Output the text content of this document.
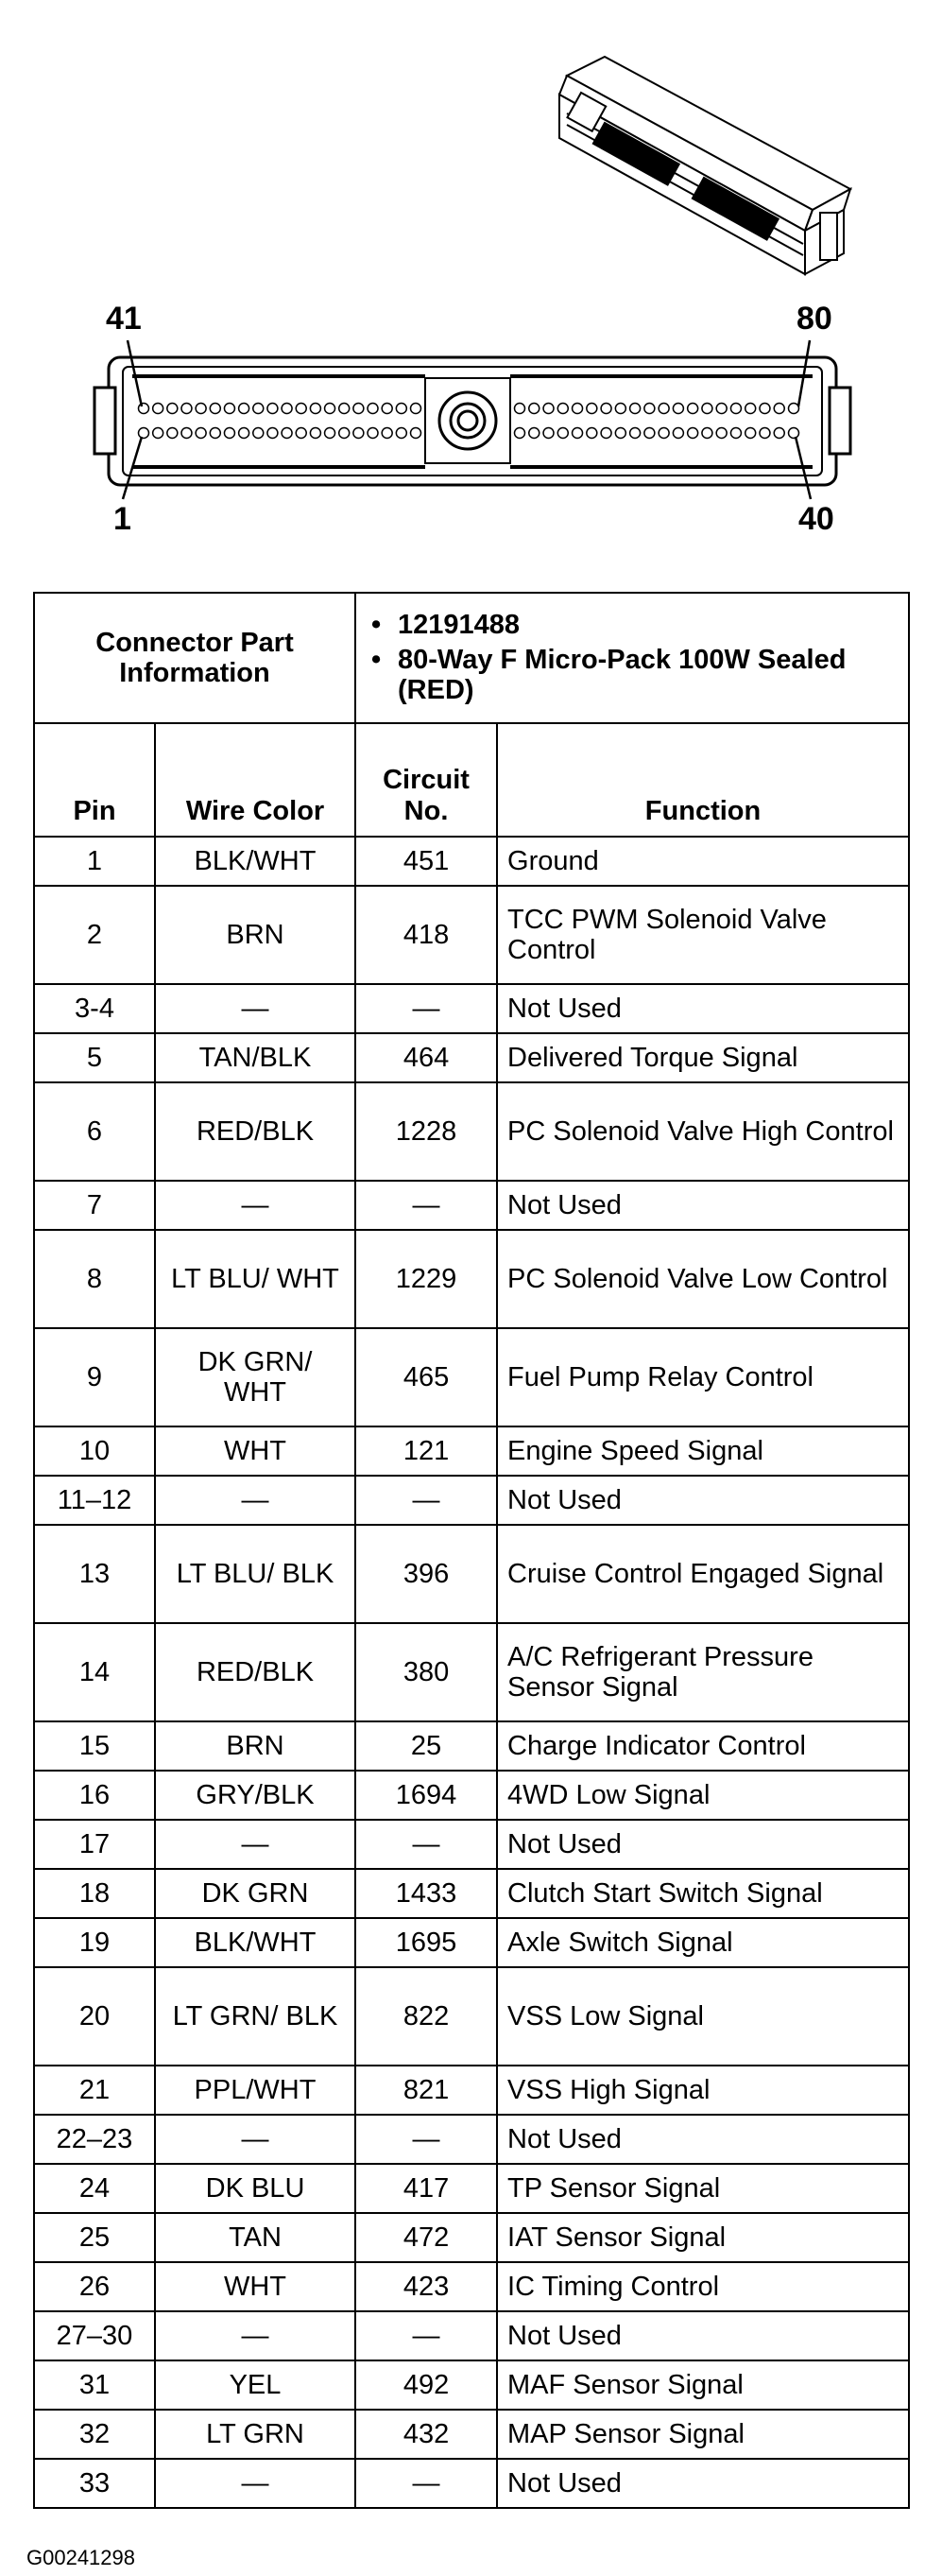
41	80
1	40
Connector Part Information		• 12191488
• 80-Way F Micro-Pack 100W Sealed (RED)

Pin	Wire Color	Circuit No.	Function
1	BLK/WHT	451	Ground
2	BRN	418	TCC PWM Solenoid Valve Control
3-4	—	—	Not Used
5	TAN/BLK	464	Delivered Torque Signal
6	RED/BLK	1228	PC Solenoid Valve High Control
7	—	—	Not Used
8	LT BLU/ WHT	1229	PC Solenoid Valve Low Control
9	DK GRN/ WHT	465	Fuel Pump Relay Control
10	WHT	121	Engine Speed Signal
11–12	—	—	Not Used
13	LT BLU/ BLK	396	Cruise Control Engaged Signal
14	RED/BLK	380	A/C Refrigerant Pressure Sensor Signal
15	BRN	25	Charge Indicator Control
16	GRY/BLK	1694	4WD Low Signal
17	—	—	Not Used
18	DK GRN	1433	Clutch Start Switch Signal
19	BLK/WHT	1695	Axle Switch Signal
20	LT GRN/ BLK	822	VSS Low Signal
21	PPL/WHT	821	VSS High Signal
22–23	—	—	Not Used
24	DK BLU	417	TP Sensor Signal
25	TAN	472	IAT Sensor Signal
26	WHT	423	IC Timing Control
27–30	—	—	Not Used
31	YEL	492	MAF Sensor Signal
32	LT GRN	432	MAP Sensor Signal
33	—	—	Not Used
G00241298
